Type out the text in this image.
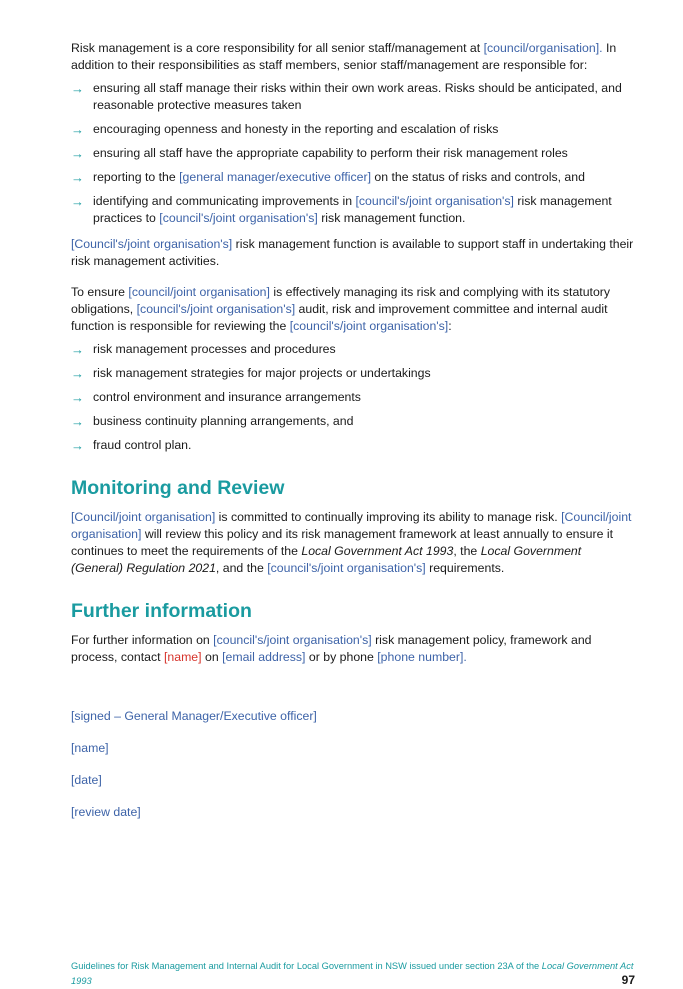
Risk management is a core responsibility for all senior staff/management at [council/organisation]. In addition to their responsibilities as staff members, senior staff/management are responsible for:

→ ensuring all staff manage their risks within their own work areas. Risks should be anticipated, and reasonable protective measures taken
→ encouraging openness and honesty in the reporting and escalation of risks
→ ensuring all staff have the appropriate capability to perform their risk management roles
→ reporting to the [general manager/executive officer] on the status of risks and controls, and
→ identifying and communicating improvements in [council's/joint organisation's] risk management practices to [council's/joint organisation's] risk management function.

[Council's/joint organisation's] risk management function is available to support staff in undertaking their risk management activities.

To ensure [council/joint organisation] is effectively managing its risk and complying with its statutory obligations, [council's/joint organisation's] audit, risk and improvement committee and internal audit function is responsible for reviewing the [council's/joint organisation's]:

→ risk management processes and procedures
→ risk management strategies for major projects or undertakings
→ control environment and insurance arrangements
→ business continuity planning arrangements, and
→ fraud control plan.
Monitoring and Review

[Council/joint organisation] is committed to continually improving its ability to manage risk. [Council/joint organisation] will review this policy and its risk management framework at least annually to ensure it continues to meet the requirements of the Local Government Act 1993, the Local Government (General) Regulation 2021, and the [council's/joint organisation's] requirements.

Further information

For further information on [council's/joint organisation's] risk management policy, framework and process, contact [name] on [email address] or by phone [phone number].

[signed – General Manager/Executive officer]

[name]

[date]

[review date]

Guidelines for Risk Management and Internal Audit for Local Government in NSW issued under section 23A of the Local Government Act 1993	97
